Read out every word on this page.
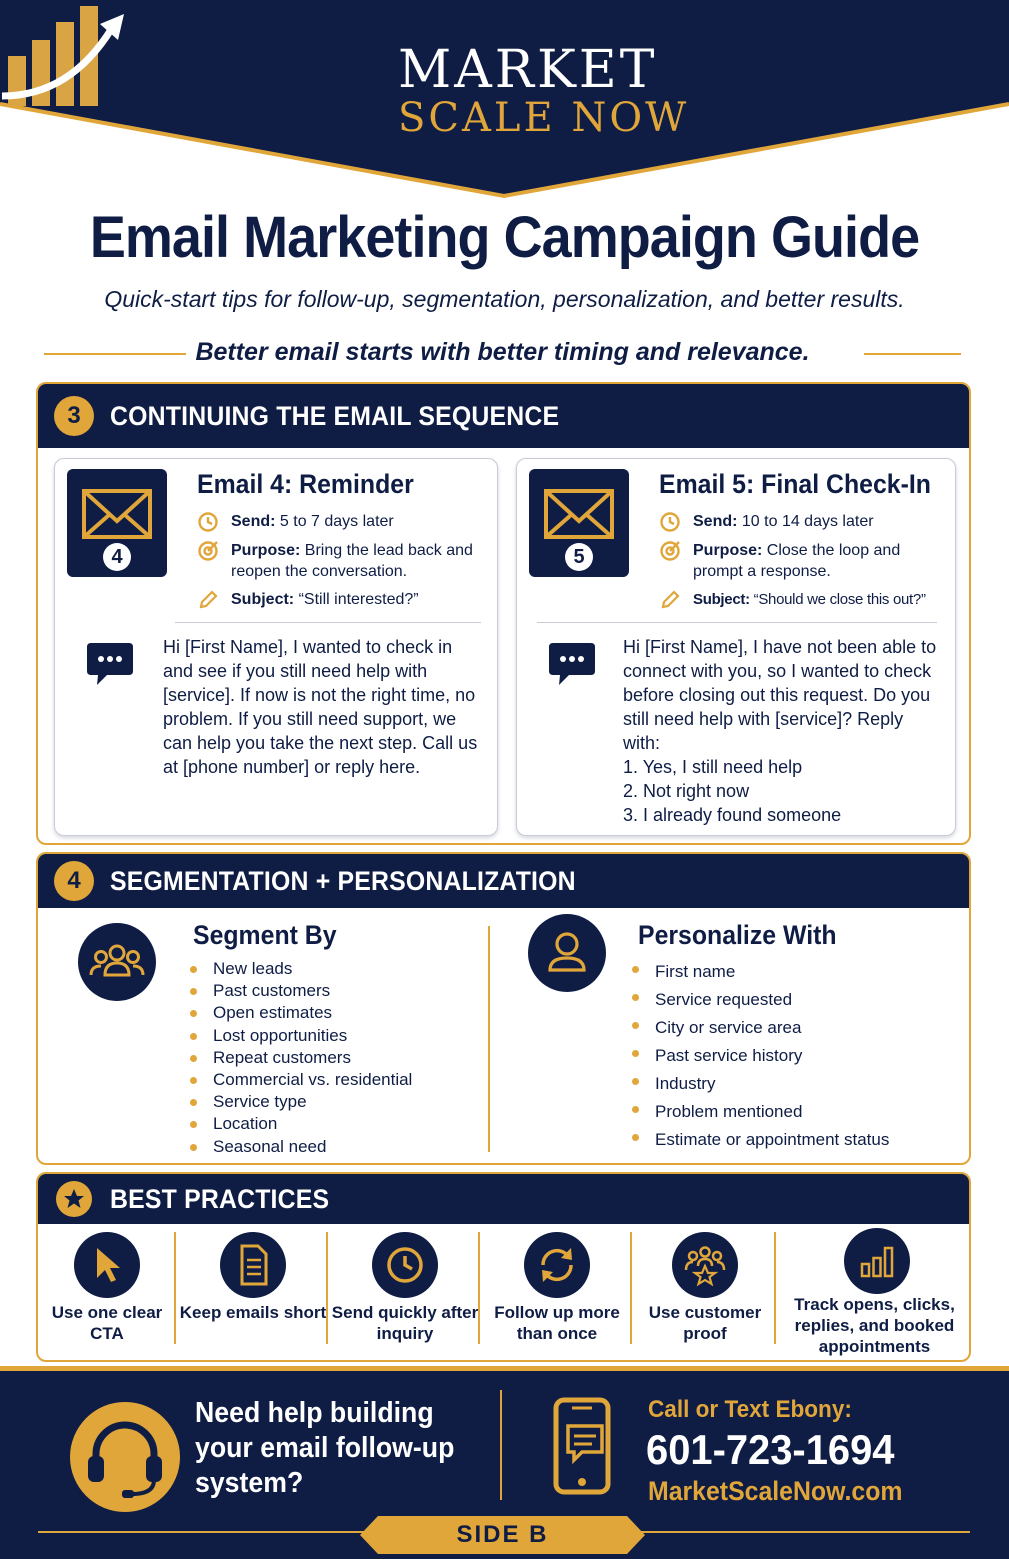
MARKET
SCALE NOW
Email Marketing Campaign Guide
Quick-start tips for follow-up, segmentation, personalization, and better results.
Better email starts with better timing and relevance.
3	CONTINUING THE EMAIL SEQUENCE
4
Email 4: Reminder
Send: 5 to 7 days later
Purpose: Bring the lead back and reopen the conversation.
Subject: “Still interested?”
Hi [First Name], I wanted to check in and see if you still need help with [service]. If now is not the right time, no problem. If you still need support, we can help you take the next step. Call us at [phone number] or reply here.
5
Email 5: Final Check-In
Send: 10 to 14 days later
Purpose: Close the loop and prompt a response.
Subject: “Should we close this out?”
Hi [First Name], I have not been able to connect with you, so I wanted to check before closing out this request. Do you still need help with [service]? Reply with:
1. Yes, I still need help
2. Not right now
3. I already found someone
4	SEGMENTATION + PERSONALIZATION
Segment By
New leads
Past customers
Open estimates
Lost opportunities
Repeat customers
Commercial vs. residential
Service type
Location
Seasonal need
Personalize With
First name
Service requested
City or service area
Past service history
Industry
Problem mentioned
Estimate or appointment status
BEST PRACTICES
Use one clear CTA
Keep emails short Send quickly after inquiry
Follow up more than once
Use customer proof
Track opens, clicks, replies, and booked appointments
Need help building your email follow-up system?
Call or Text Ebony:
601-723-1694
MarketScaleNow.com
SIDE B
